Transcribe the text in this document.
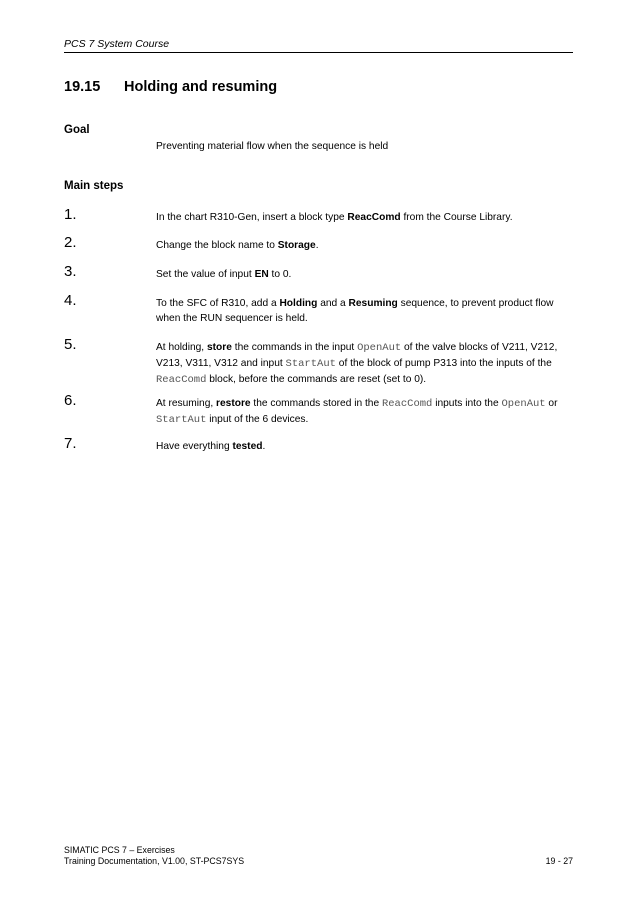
PCS 7 System Course
19.15 Holding and resuming
Goal
Preventing material flow when the sequence is held
Main steps
1.	In the chart R310-Gen, insert a block type ReacComd from the Course Library.
2.	Change the block name to Storage.
3.	Set the value of input EN to 0.
4.	To the SFC of R310, add a Holding and a Resuming sequence, to prevent product flow when the RUN sequencer is held.
5.	At holding, store the commands in the input OpenAut of the valve blocks of V211, V212, V213, V311, V312 and input StartAut of the block of pump P313 into the inputs of the ReacComd block, before the commands are reset (set to 0).
6.	At resuming, restore the commands stored in the ReacComd inputs into the OpenAut or StartAut input of the 6 devices.
7.	Have everything tested.
SIMATIC PCS 7 – Exercises
Training Documentation, V1.00, ST-PCS7SYS	19 - 27
